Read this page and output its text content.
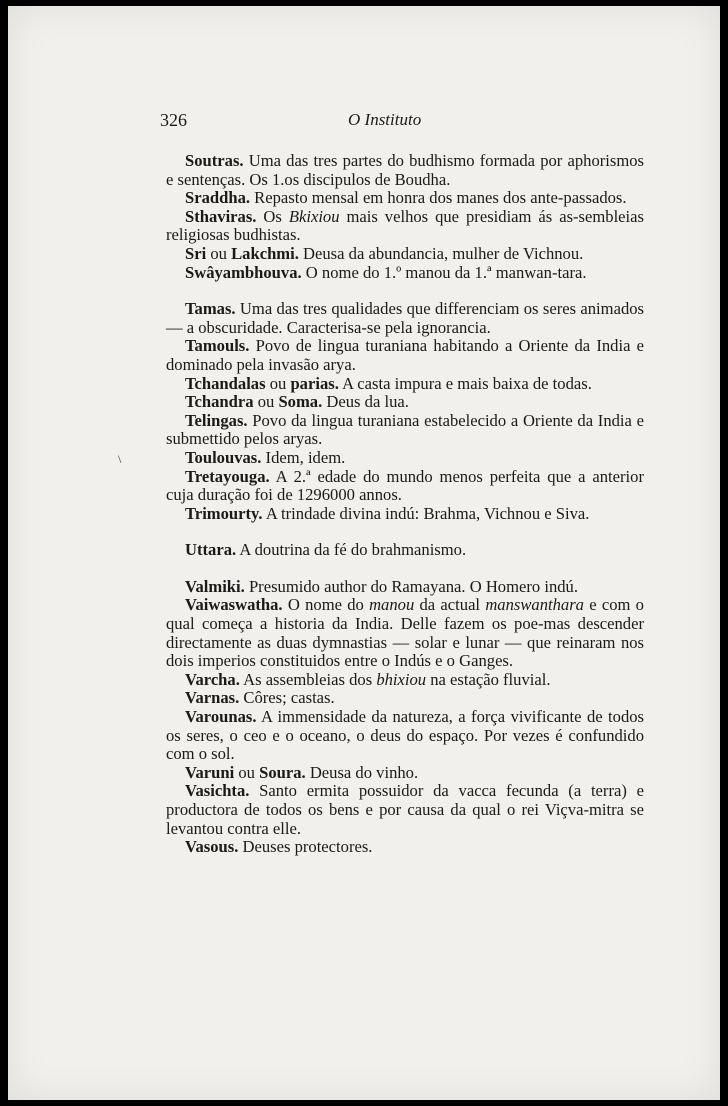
326	O Instituto
\

Soutras. Uma das tres partes do budhismo formada por aphorismos e sentenças. Os 1.os discipulos de Boudha.

Sraddha. Repasto mensal em honra dos manes dos ante-passados.

Sthaviras. Os Bkixiou mais velhos que presidiam ás as-sembleias religiosas budhistas.

Sri ou Lakchmi. Deusa da abundancia, mulher de Vichnou.

Swâyambhouva. O nome do 1.º manou da 1.ª manwan-tara.

Tamas. Uma das tres qualidades que differenciam os seres animados — a obscuridade. Caracterisa-se pela ignorancia.

Tamouls. Povo de lingua turaniana habitando a Oriente da India e dominado pela invasão arya.

Tchandalas ou parias. A casta impura e mais baixa de todas.

Tchandra ou Soma. Deus da lua.

Telingas. Povo da lingua turaniana estabelecido a Oriente da India e submettido pelos aryas.

Toulouvas. Idem, idem.

Tretayouga. A 2.ª edade do mundo menos perfeita que a anterior cuja duração foi de 1296000 annos.

Trimourty. A trindade divina indú: Brahma, Vichnou e Siva.

Uttara. A doutrina da fé do brahmanismo.

Valmiki. Presumido author do Ramayana. O Homero indú.

Vaiwaswatha. O nome do manou da actual manswanthara e com o qual começa a historia da India. Delle fazem os poe-mas descender directamente as duas dymnastias — solar e lunar — que reinaram nos dois imperios constituidos entre o Indús e o Ganges.

Varcha. As assembleias dos bhixiou na estação fluvial.

Varnas. Côres; castas.

Varounas. A immensidade da natureza, a força vivificante de todos os seres, o ceo e o oceano, o deus do espaço. Por vezes é confundido com o sol.

Varuni ou Soura. Deusa do vinho.

Vasichta. Santo ermita possuidor da vacca fecunda (a terra) e productora de todos os bens e por causa da qual o rei Viçva-mitra se levantou contra elle.

Vasous. Deuses protectores.
